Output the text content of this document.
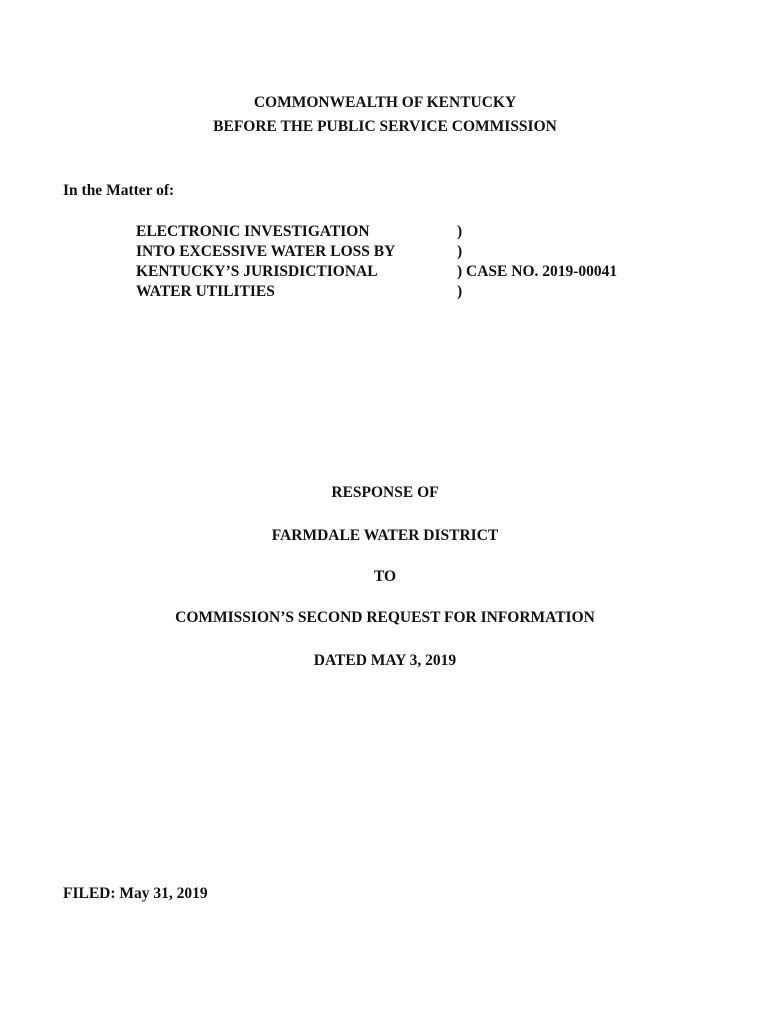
COMMONWEALTH OF KENTUCKY
BEFORE THE PUBLIC SERVICE COMMISSION
In the Matter of:
ELECTRONIC INVESTIGATION
INTO EXCESSIVE WATER LOSS BY
KENTUCKY’S JURISDICTIONAL
WATER UTILITIES
)
)
) CASE NO. 2019-00041
)
RESPONSE OF
FARMDALE WATER DISTRICT
TO
COMMISSION’S SECOND REQUEST FOR INFORMATION
DATED MAY 3, 2019
FILED: May 31, 2019
